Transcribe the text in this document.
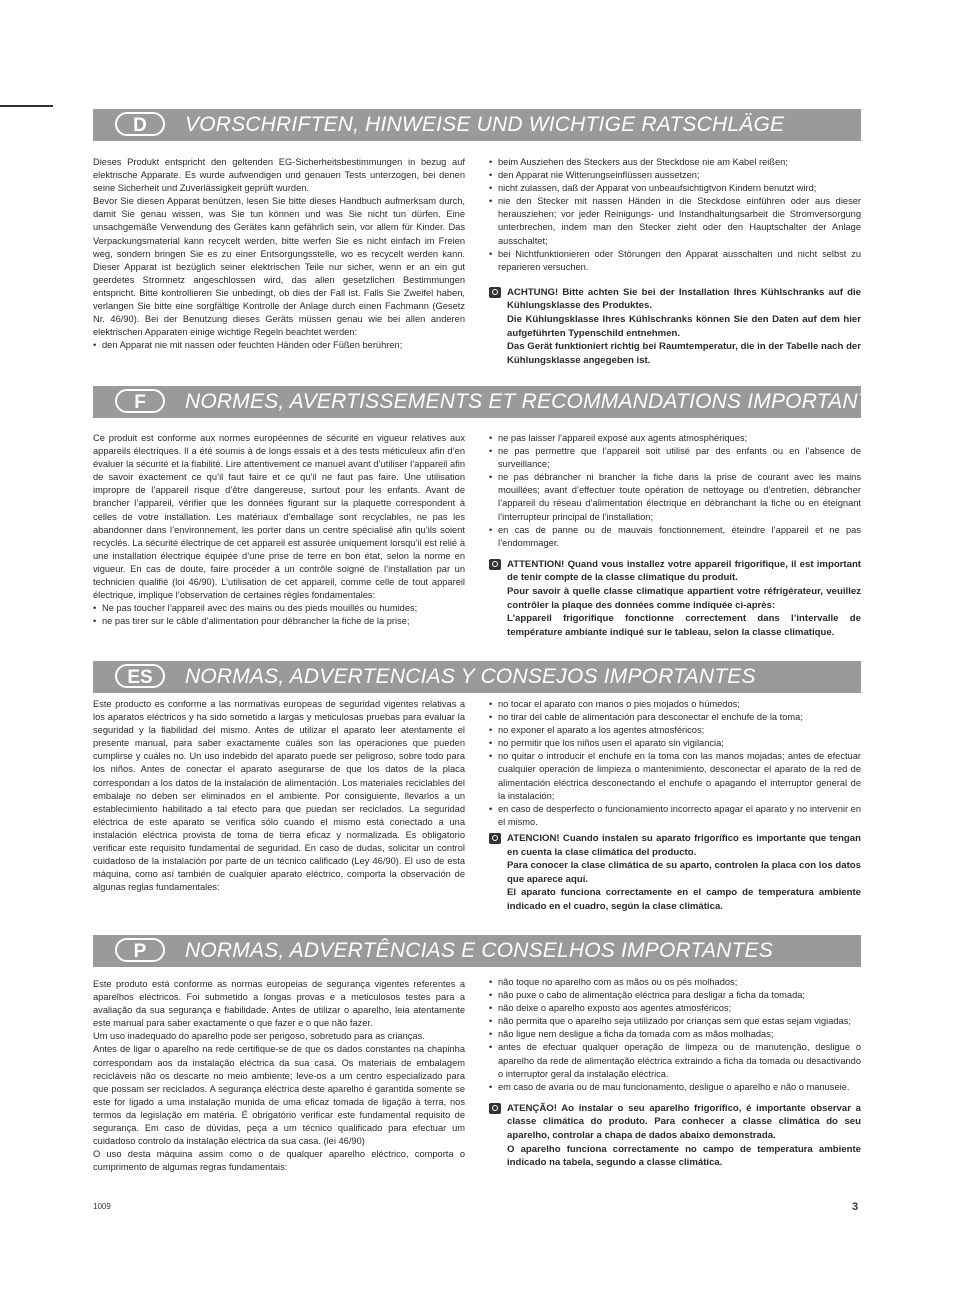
D	VORSCHRIFTEN, HINWEISE UND WICHTIGE RATSCHLÄGE

Dieses Produkt entspricht den geltenden EG-Sicherheitsbestimmungen in bezug auf elektrische Apparate. Es wurde aufwendigen und genauen Tests unterzogen, bei denen seine Sicherheit und Zuverlässigkeit geprüft wurden.

Bevor Sie diesen Apparat benützen, lesen Sie bitte dieses Handbuch aufmerksam durch, damit Sie genau wissen, was Sie tun können und was Sie nicht tun dürfen. Eine unsachgemäße Verwendung des Gerätes kann gefährlich sein, vor allem für Kinder. Das Verpackungsmaterial kann recycelt werden, bitte werfen Sie es nicht einfach im Freien weg, sondern bringen Sie es zu einer Entsorgungsstelle, wo es recycelt werden kann. Dieser Apparat ist bezüglich seiner elektrischen Teile nur sicher, wenn er an ein gut geerdetes Stromnetz angeschlossen wird, das allen gesetzlichen Bestimmungen entspricht. Bitte kontrollieren Sie unbedingt, ob dies der Fall ist. Falls Sie Zweifel haben, verlangen Sie bitte eine sorgfältige Kontrolle der Anlage durch einen Fachmann (Gesetz Nr. 46/90). Bei der Benutzung dieses Geräts müssen genau wie bei allen anderen elektrischen Apparaten einige wichtige Regeln beachtet werden:

• den Apparat nie mit nassen oder feuchten Händen oder Füßen berühren;
• beim Ausziehen des Steckers aus der Steckdose nie am Kabel reißen;
• den Apparat nie Witterungseinflüssen aussetzen;
• nicht zulassen, daß der Apparat von unbeaufsichtigtvon Kindern benutzt wird;
• nie den Stecker mit nassen Händen in die Steckdose einführen oder aus dieser herausziehen; vor jeder Reinigungs- und Instandhaltungsarbeit die Stromversorgung unterbrechen, indem man den Stecker zieht oder den Hauptschalter der Anlage ausschaltet;
• bei Nichtfunktionieren oder Störungen den Apparat ausschalten und nicht selbst zu reparieren versuchen.

ACHTUNG! Bitte achten Sie bei der Installation Ihres Kühlschranks auf die Kühlungsklasse des Produktes.

Die Kühlungsklasse Ihres Kühlschranks können Sie den Daten auf dem hier aufgeführten Typenschild entnehmen.

Das Gerät funktioniert richtig bei Raumtemperatur, die in der Tabelle nach der Kühlungsklasse angegeben ist.

F	NORMES, AVERTISSEMENTS ET RECOMMANDATIONS IMPORTANTES

Ce produit est conforme aux normes européennes de sécurité en vigueur relatives aux appareils électriques. Il a été soumis à de longs essais et à des tests méticuleux afin d’en évaluer la sécurité et la fiabilité. Lire attentivement ce manuel avant d’utiliser l’appareil afin de savoir exactement ce qu’il faut faire et ce qu’il ne faut pas faire. Une utilisation impropre de l’appareil risque d’être dangereuse, surtout pour les enfants. Avant de brancher l’appareil, vérifier que les données figurant sur la plaquette correspondent à celles de votre installation. Les matériaux d’emballage sont recyclables, ne pas les abandonner dans l’environnement, les porter dans un centre spécialisé afin qu’ils soient recyclés. La sécurité électrique de cet appareil est assurée uniquement lorsqu’il est relié à une installation électrique équipée d’une prise de terre en bon état, selon la norme en vigueur. En cas de doute, faire procéder à un contrôle soigné de l’installation par un technicien qualifié (loi 46/90). L’utilisation de cet appareil, comme celle de tout appareil électrique, implique l’observation de certaines règles fondamentales:

• Ne pas toucher l’appareil avec des mains ou des pieds mouillés ou humides;
• ne pas tirer sur le câble d’alimentation pour débrancher la fiche de la prise;
• ne pas laisser l’appareil exposé aux agents atmosphériques;
• ne pas permettre que l’appareil soit utilisé par des enfants ou en l’absence de surveillance;
• ne pas débrancher ni brancher la fiche dans la prise de courant avec les mains mouillées; avant d’effectuer toute opération de nettoyage ou d’entretien, débrancher l’appareil du réseau d’alimentation électrique en débranchant la fiche ou en éteignant l’interrupteur principal de l’installation;
• en cas de panne ou de mauvais fonctionnement, éteindre l’appareil et ne pas l’endommager.

ATTENTION! Quand vous installez votre appareil frigorifique, il est important de tenir compte de la classe climatique du produit.

Pour savoir à quelle classe climatique appartient votre réfrigérateur, veuillez contrôler la plaque des données comme indiquée ci-après:

L’appareil frigorifique fonctionne correctement dans l’intervalle de température ambiante indiqué sur le tableau, selon la classe climatique.

ES	NORMAS, ADVERTENCIAS Y CONSEJOS IMPORTANTES

Este producto es conforme a las normativas europeas de seguridad vigentes relativas a los aparatos eléctricos y ha sido sometido a largas y meticulosas pruebas para evaluar la seguridad y la fiabilidad del mismo. Antes de utilizar el aparato leer atentamente el presente manual, para saber exactamente cuáles son las operaciones que pueden cumplirse y cuáles no. Un uso indebido del aparato puede ser peligroso, sobre todo para los niños. Antes de conectar el aparato asegurarse de que los datos de la placa correspondan a los datos de la instalación de alimentación. Los materiales reciclables del embalaje no deben ser eliminados en el ambiente. Por consiguiente, llevarlos a un establecimiento habilitado a tal efecto para que puedan ser reciclados. La seguridad eléctrica de este aparato se verifica sólo cuando el mismo está conectado a una instalación eléctrica provista de toma de tierra eficaz y normalizada. Es obligatorio verificar este requisito fundamental de seguridad. En caso de dudas, solicitar un control cuidadoso de la instalación por parte de un técnico calificado (Ley 46/90). El uso de esta máquina, como así también de cualquier aparato eléctrico, comporta la observación de algunas reglas fundamentales:

• no tocar el aparato con manos o pies mojados o húmedos;
• no tirar del cable de alimentación para desconectar el enchufe de la toma;
• no exponer el aparato a los agentes atmosféricos;
• no permitir que los niños usen el aparato sin vigilancia;
• no quitar o introducir el enchufe en la toma con las manos mojadas; antes de efectuar cualquier operación de limpieza o mantenimiento, desconectar el aparato de la red de alimentación eléctrica desconectando el enchufe o apagando el interruptor general de la instalación;
• en caso de desperfecto o funcionamiento incorrecto apagar el aparato y no intervenir en el mismo.

ATENCION! Cuando instalen su aparato frigorífico es importante que tengan en cuenta la clase climática del producto.

Para conocer la clase climática de su aparto, controlen la placa con los datos que aparece aquí.

El aparato funciona correctamente en el campo de temperatura ambiente indicado en el cuadro, según la clase climática.

P	NORMAS, ADVERTÊNCIAS E CONSELHOS IMPORTANTES

Este produto está conforme as normas europeias de segurança vigentes referentes a aparelhos eléctricos. Foi submetido a longas provas e a meticulosos testes para a avaliação da sua segurança e fiabilidade. Antes de utilizar o aparelho, leia atentamente este manual para saber exactamente o que fazer e o que não fazer.

Um uso inadequado do aparelho pode ser perigoso, sobretudo para as crianças.

Antes de ligar o aparelho na rede certifique-se de que os dados constantes na chapinha correspondam aos da instalação eléctrica da sua casa. Os materiais de embalagem recicláveis não os descarte no meio ambiente; leve-os a um centro especializado para que possam ser reciclados. A segurança eléctrica deste aparelho é garantida somente se este for ligado a uma instalação munida de uma eficaz tomada de ligação à terra, nos termos da legislação em matéria. É obrigatório verificar este fundamental requisito de segurança. Em caso de dúvidas, peça a um técnico qualificado para efectuar um cuidadoso controlo da instalação eléctrica da sua casa. (lei 46/90)

O uso desta máquina assim como o de qualquer aparelho eléctrico, comporta o cumprimento de algumas regras fundamentais:

• não toque no aparelho com as mãos ou os pés molhados;
• não puxe o cabo de alimentação eléctrica para desligar a ficha da tomada;
• não deixe o aparelho exposto aos agentes atmosféricos;
• não permita que o aparelho seja utilizado por crianças sem que estas sejam vigiadas;
• não ligue nem desligue a ficha da tomada com as mãos molhadas;
• antes de efectuar qualquer operação de limpeza ou de manutenção, desligue o aparelho da rede de alimentação eléctrica extraindo a ficha da tomada ou desactivando o interruptor geral da instalação eléctrica.
• em caso de avaria ou de mau funcionamento, desligue o aparelho e não o manuseie.

ATENÇÃO! Ao instalar o seu aparelho frigorífico, é importante observar a classe climática do produto. Para conhecer a classe climática do seu aparelho, controlar a chapa de dados abaixo demonstrada.

O aparelho funciona correctamente no campo de temperatura ambiente indicado na tabela, segundo a classe climática.

1009	3
